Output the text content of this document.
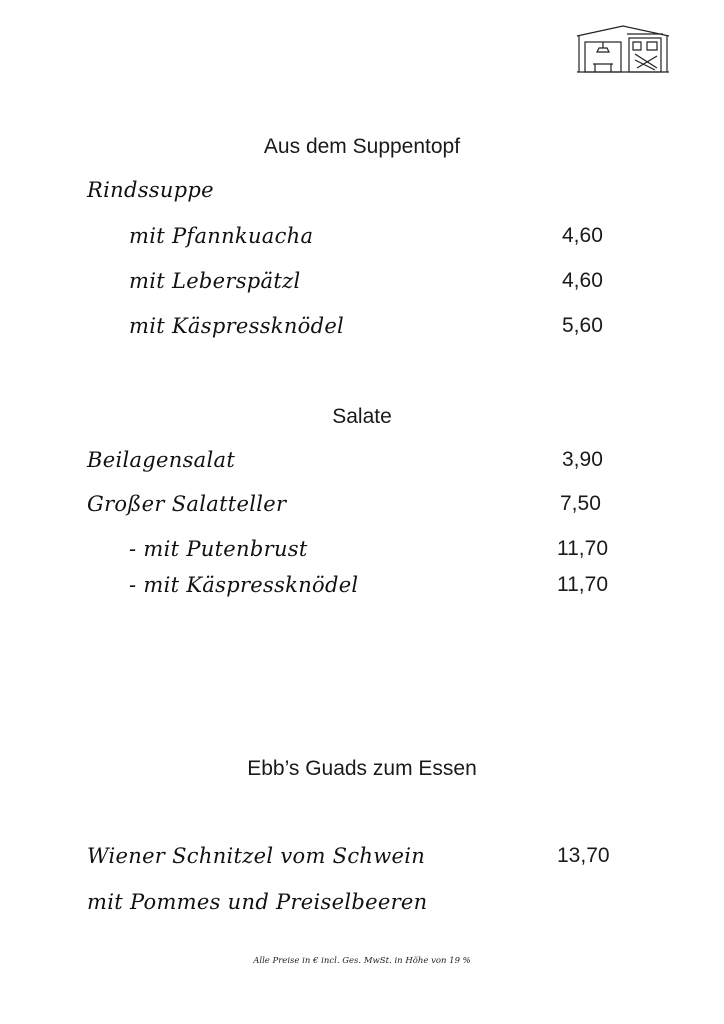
Aus dem Suppentopf
Rindssuppe
mit Pfannkuacha	4,60
mit Leberspätzl	4,60
mit Käspressknödel	5,60
Salate
Beilagensalat	3,90
Großer Salatteller	7,50
- mit Putenbrust	11,70
- mit Käspressknödel	11,70
Ebb’s Guads zum Essen
Wiener Schnitzel vom Schwein	13,70
mit Pommes und Preiselbeeren
Alle Preise in € incl. Ges. MwSt. in Höhe von 19 %
